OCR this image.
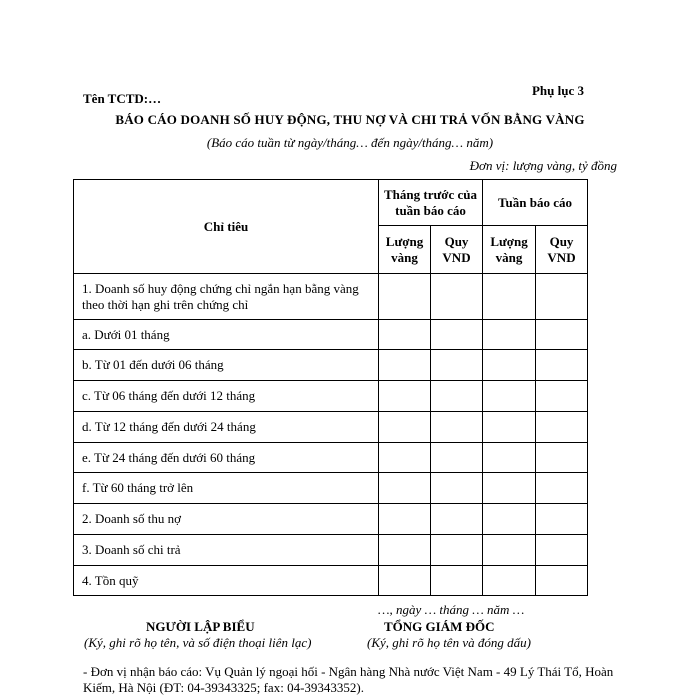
Phụ lục 3
Tên TCTD:…
BÁO CÁO DOANH SỐ HUY ĐỘNG, THU NỢ VÀ CHI TRẢ VỐN BẰNG VÀNG
(Báo cáo tuần từ ngày/tháng… đến ngày/tháng… năm)
Đơn vị: lượng vàng, tỷ đồng
Chỉ tiêu	Tháng trước của tuần báo cáo		Tuần báo cáo	
	Lượng vàng	Quy VND	Lượng vàng	Quy VND
1. Doanh số huy động chứng chỉ ngắn hạn bằng vàng theo thời hạn ghi trên chứng chỉ				
a. Dưới 01 tháng				
b. Từ 01 đến dưới 06 tháng				
c. Từ 06 tháng đến dưới 12 tháng				
d. Từ 12 tháng đến dưới 24 tháng				
e. Từ 24 tháng đến dưới 60 tháng				
f. Từ 60 tháng trở lên				
2. Doanh số thu nợ				
3. Doanh số chi trả				
4. Tồn quỹ				
…, ngày … tháng … năm …
NGƯỜI LẬP BIỂU	TỔNG GIÁM ĐỐC
(Ký, ghi rõ họ tên, và số điện thoại liên lạc)	(Ký, ghi rõ họ tên và đóng dấu)
- Đơn vị nhận báo cáo: Vụ Quản lý ngoại hối - Ngân hàng Nhà nước Việt Nam - 49 Lý Thái Tổ, Hoàn Kiếm, Hà Nội (ĐT: 04-39343325; fax: 04-39343352).
